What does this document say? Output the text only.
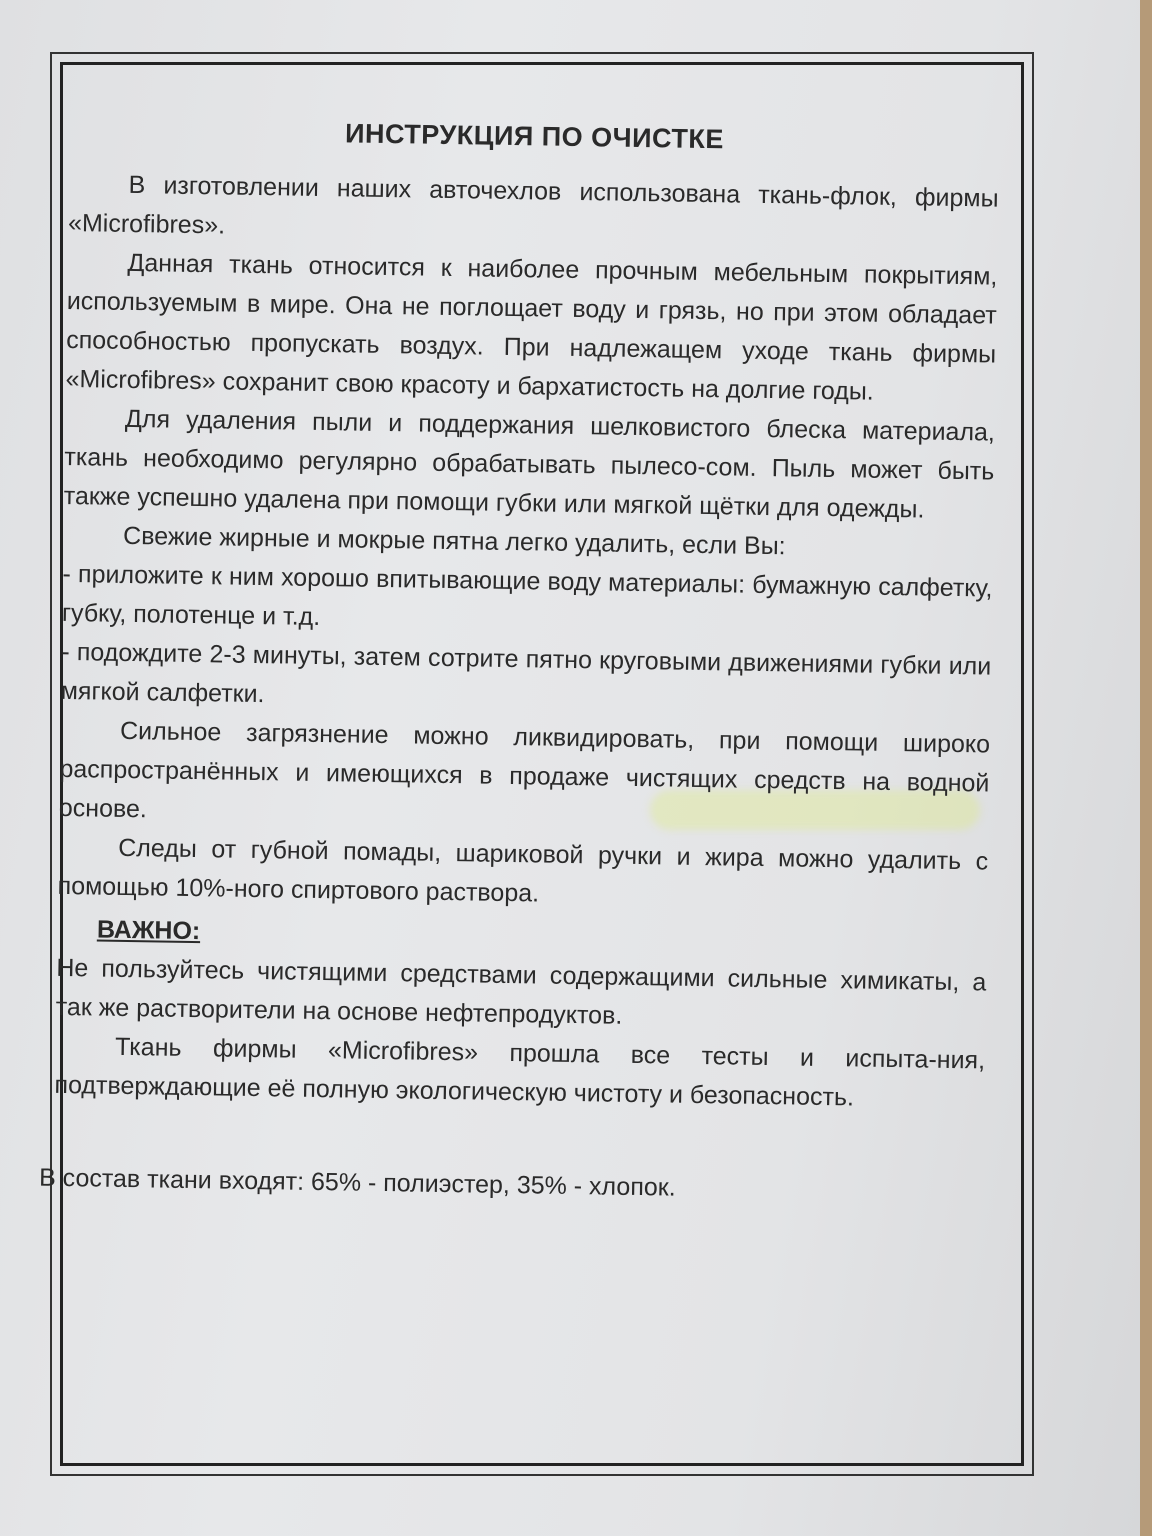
ИНСТРУКЦИЯ ПО ОЧИСТКЕ

В изготовлении наших авточехлов использована ткань-флок, фирмы «Microfibres».

Данная ткань относится к наиболее прочным мебельным покрытиям, используемым в мире. Она не поглощает воду и грязь, но при этом обладает способностью пропускать воздух. При надлежащем уходе ткань фирмы «Microfibres» сохранит свою красоту и бархатистость на долгие годы.

Для удаления пыли и поддержания шелковистого блеска материала, ткань необходимо регулярно обрабатывать пылесо-сом. Пыль может быть также успешно удалена при помощи губки или мягкой щётки для одежды.

Свежие жирные и мокрые пятна легко удалить, если Вы:

- приложите к ним хорошо впитывающие воду материалы: бумажную салфетку, губку, полотенце и т.д.

- подождите 2-3 минуты, затем сотрите пятно круговыми движениями губки или мягкой салфетки.

Сильное загрязнение можно ликвидировать, при помощи широко распространённых и имеющихся в продаже чистящих средств на водной основе.

Следы от губной помады, шариковой ручки и жира можно удалить с помощью 10%-ного спиртового раствора.

ВАЖНО:

Не пользуйтесь чистящими средствами содержащими сильные химикаты, а так же растворители на основе нефтепродуктов.

Ткань фирмы «Microfibres» прошла все тесты и испыта-ния, подтверждающие её полную экологическую чистоту и безопасность.

В состав ткани входят: 65% - полиэстер, 35% - хлопок.
